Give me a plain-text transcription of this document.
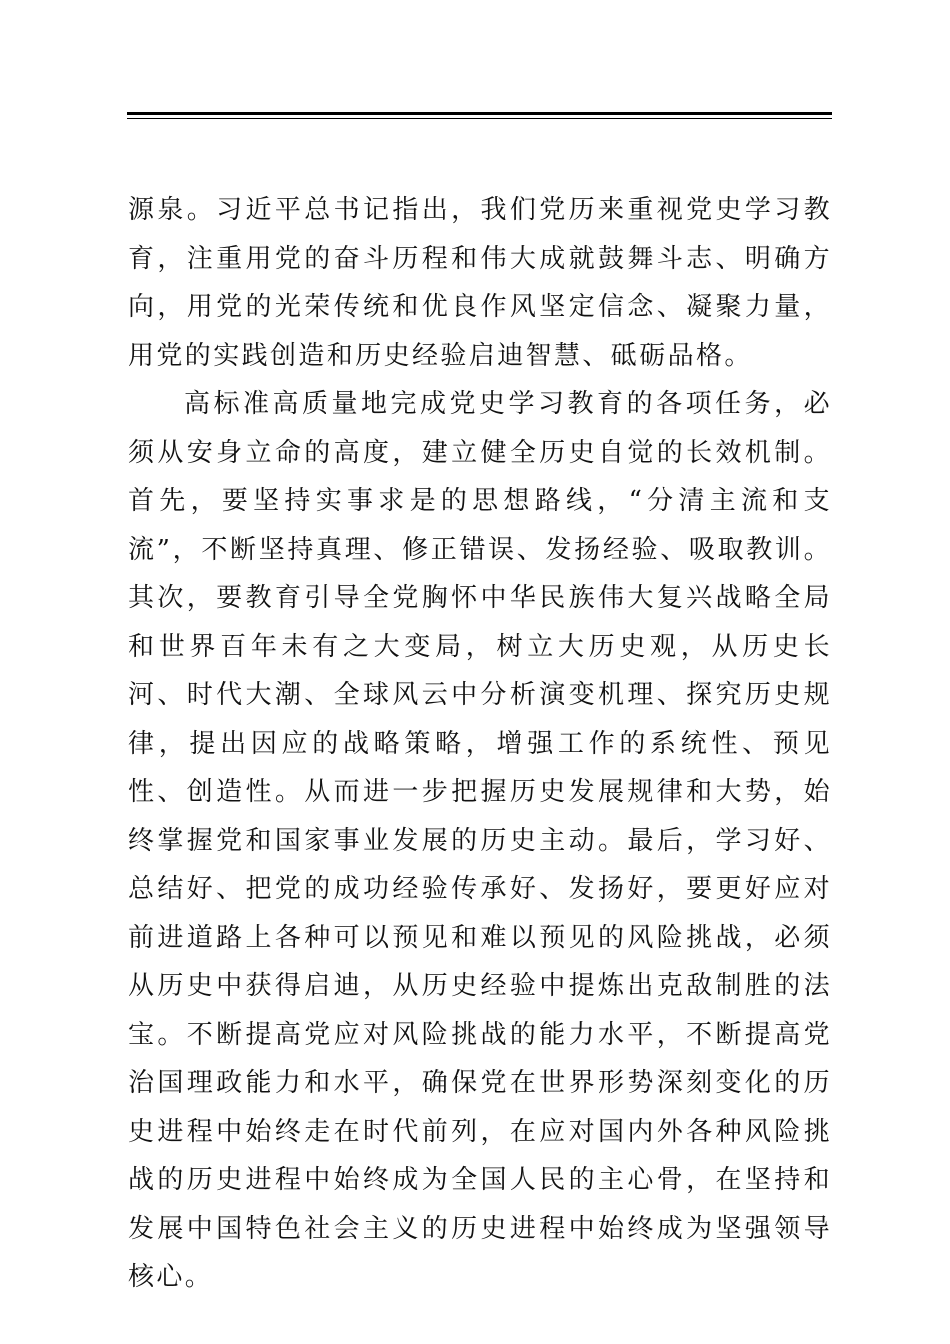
源泉。习近平总书记指出，我们党历来重视党史学习教育，注重用党的奋斗历程和伟大成就鼓舞斗志、明确方向，用党的光荣传统和优良作风坚定信念、凝聚力量，用党的实践创造和历史经验启迪智慧、砥砺品格。

高标准高质量地完成党史学习教育的各项任务，必须从安身立命的高度，建立健全历史自觉的长效机制。首先，要坚持实事求是的思想路线，“分清主流和支流”，不断坚持真理、修正错误、发扬经验、吸取教训。其次，要教育引导全党胸怀中华民族伟大复兴战略全局和世界百年未有之大变局，树立大历史观，从历史长河、时代大潮、全球风云中分析演变机理、探究历史规律，提出因应的战略策略，增强工作的系统性、预见性、创造性。从而进一步把握历史发展规律和大势，始终掌握党和国家事业发展的历史主动。最后，学习好、总结好、把党的成功经验传承好、发扬好，要更好应对前进道路上各种可以预见和难以预见的风险挑战，必须从历史中获得启迪，从历史经验中提炼出克敌制胜的法宝。不断提高党应对风险挑战的能力水平，不断提高党治国理政能力和水平，确保党在世界形势深刻变化的历史进程中始终走在时代前列，在应对国内外各种风险挑战的历史进程中始终成为全国人民的主心骨，在坚持和发展中国特色社会主义的历史进程中始终成为坚强领导核心。
